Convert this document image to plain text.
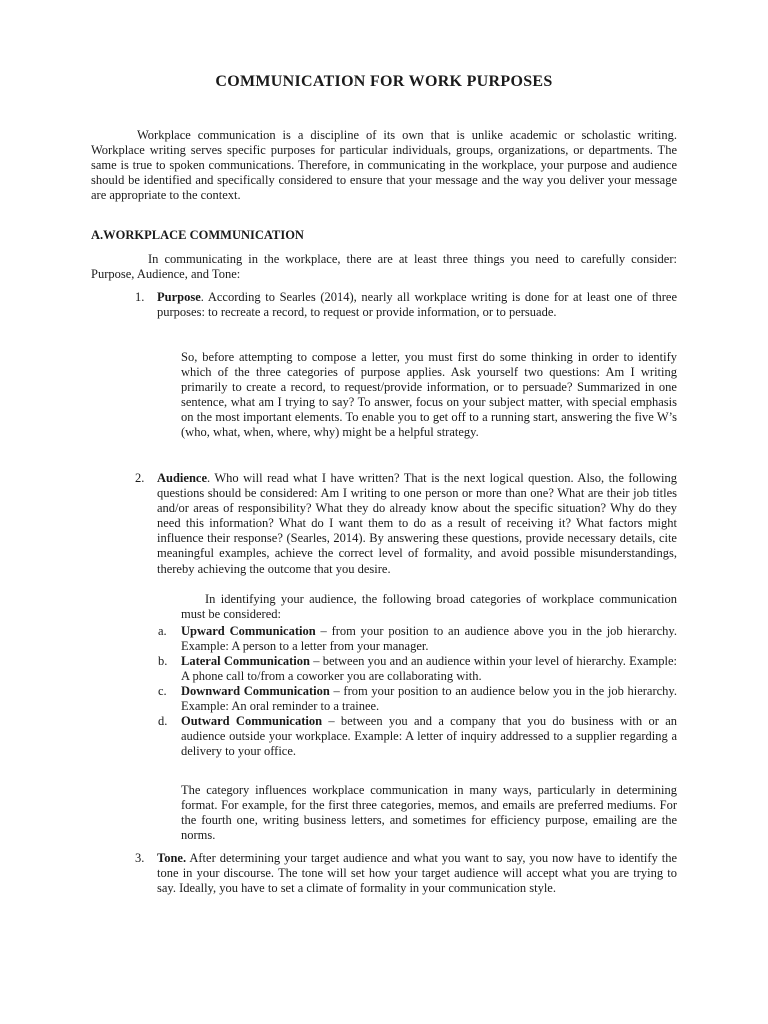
COMMUNICATION FOR WORK PURPOSES

Workplace communication is a discipline of its own that is unlike academic or scholastic writing. Workplace writing serves specific purposes for particular individuals, groups, organizations, or departments. The same is true to spoken communications. Therefore, in communicating in the workplace, your purpose and audience should be identified and specifically considered to ensure that your message and the way you deliver your message are appropriate to the context.

A.WORKPLACE COMMUNICATION

In communicating in the workplace, there are at least three things you need to carefully consider: Purpose, Audience, and Tone:

1. Purpose. According to Searles (2014), nearly all workplace writing is done for at least one of three purposes: to recreate a record, to request or provide information, or to persuade.

So, before attempting to compose a letter, you must first do some thinking in order to identify which of the three categories of purpose applies. Ask yourself two questions: Am I writing primarily to create a record, to request/provide information, or to persuade? Summarized in one sentence, what am I trying to say? To answer, focus on your subject matter, with special emphasis on the most important elements. To enable you to get off to a running start, answering the five W’s (who, what, when, where, why) might be a helpful strategy.

2. Audience. Who will read what I have written? That is the next logical question. Also, the following questions should be considered: Am I writing to one person or more than one? What are their job titles and/or areas of responsibility? What they do already know about the specific situation? Why do they need this information? What do I want them to do as a result of receiving it? What factors might influence their response? (Searles, 2014). By answering these questions, provide necessary details, cite meaningful examples, achieve the correct level of formality, and avoid possible misunderstandings, thereby achieving the outcome that you desire.

In identifying your audience, the following broad categories of workplace communication must be considered:

a. Upward Communication – from your position to an audience above you in the job hierarchy. Example: A person to a letter from your manager.
b. Lateral Communication – between you and an audience within your level of hierarchy. Example: A phone call to/from a coworker you are collaborating with.
c. Downward Communication – from your position to an audience below you in the job hierarchy. Example: An oral reminder to a trainee.
d. Outward Communication – between you and a company that you do business with or an audience outside your workplace. Example: A letter of inquiry addressed to a supplier regarding a delivery to your office.

The category influences workplace communication in many ways, particularly in determining format. For example, for the first three categories, memos, and emails are preferred mediums. For the fourth one, writing business letters, and sometimes for efficiency purpose, emailing are the norms.

3. Tone. After determining your target audience and what you want to say, you now have to identify the tone in your discourse. The tone will set how your target audience will accept what you are trying to say. Ideally, you have to set a climate of formality in your communication style.
